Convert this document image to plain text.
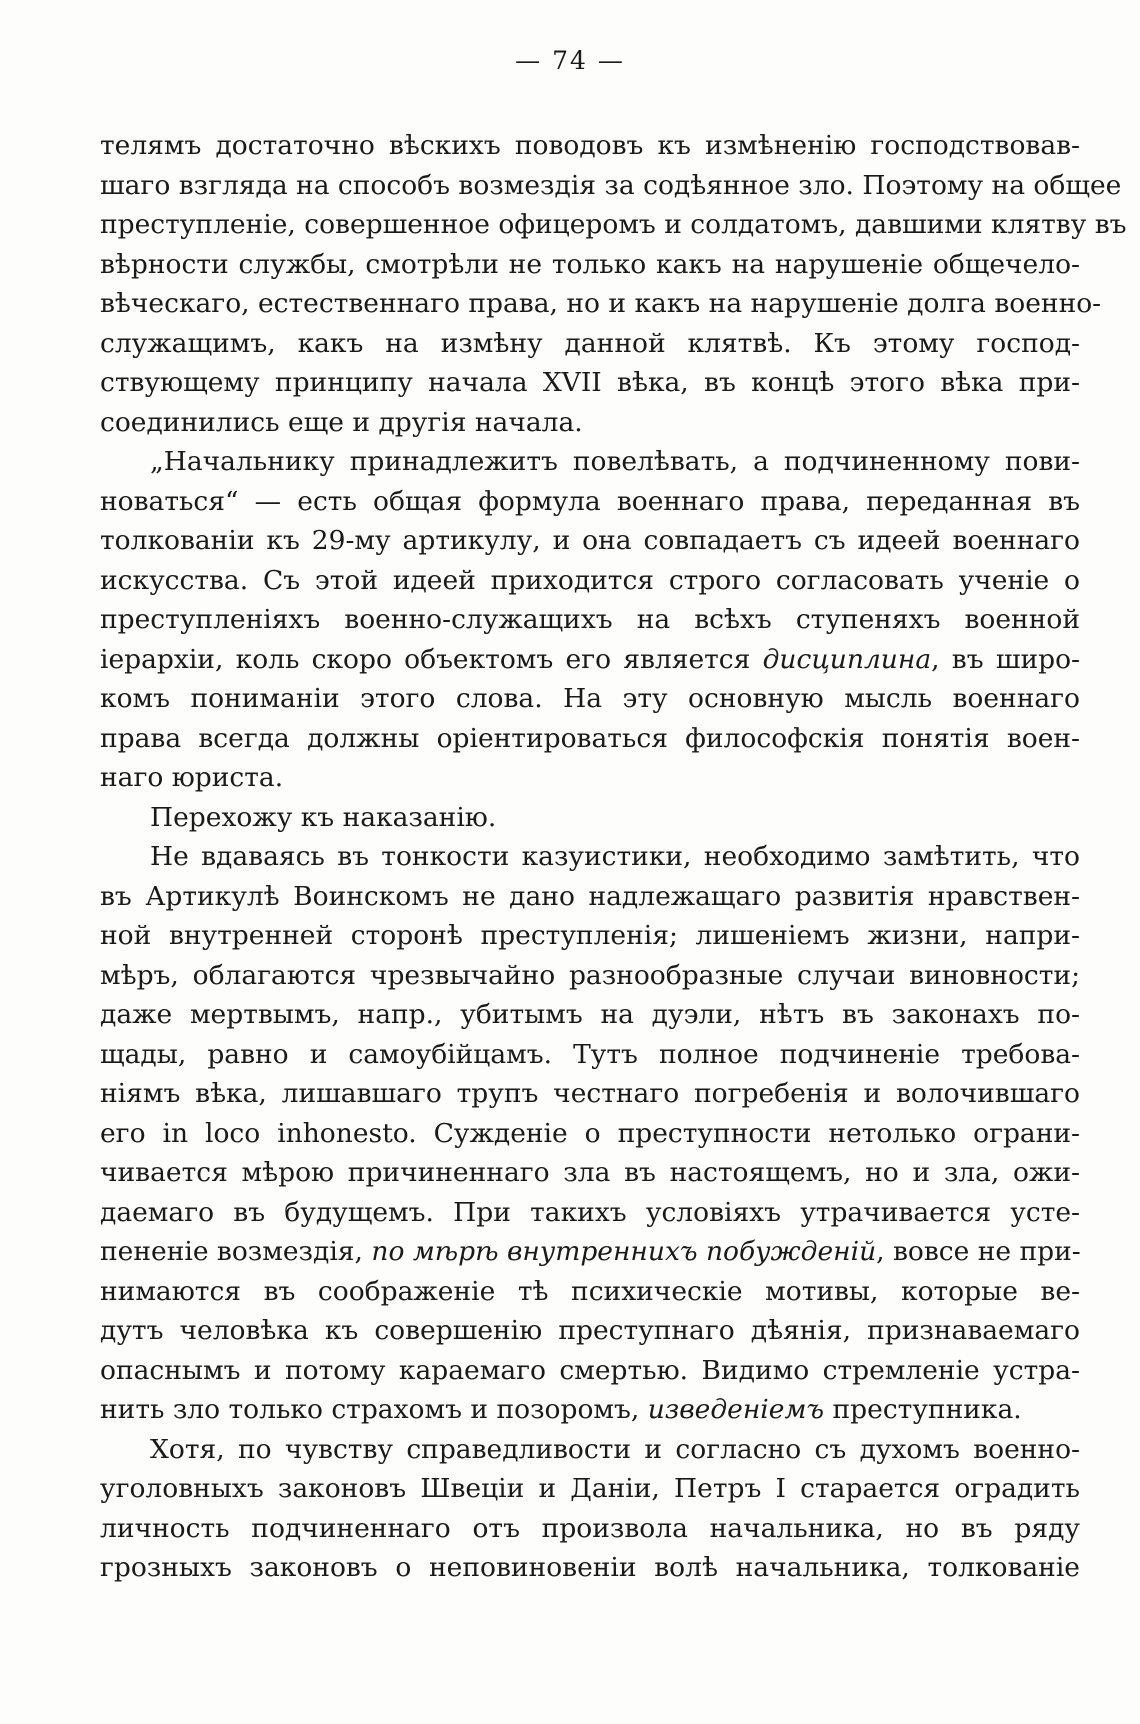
— 74 —
телямъ достаточно вѣскихъ поводовъ къ измѣненію господствовав-
шаго взгляда на способъ возмездія за содѣянное зло. Поэтому на общее
преступленіе, совершенное офицеромъ и солдатомъ, давшими клятву въ
вѣрности службы, смотрѣли не только какъ на нарушеніе общечело-
вѣческаго, естественнаго права, но и какъ на нарушеніе долга военно-
служащимъ, какъ на измѣну данной клятвѣ. Къ этому господ-
ствующему принципу начала XVII вѣка, въ концѣ этого вѣка при-
соединились еще и другія начала.
„Начальнику принадлежитъ повелѣвать, а подчиненному пови-
новаться“ — есть общая формула военнаго права, переданная въ
толкованіи къ 29-му артикулу, и она совпадаетъ съ идеей военнаго
искусства. Съ этой идеей приходится строго согласовать ученіе о
преступленіяхъ военно-служащихъ на всѣхъ ступеняхъ военной
іерархіи, коль скоро объектомъ его является дисциплина, въ широ-
комъ пониманіи этого слова. На эту основную мысль военнаго
права всегда должны оріентироваться философскія понятія воен-
наго юриста.
Перехожу къ наказанію.
Не вдаваясь въ тонкости казуистики, необходимо замѣтить, что
въ Артикулѣ Воинскомъ не дано надлежащаго развитія нравствен-
ной внутренней сторонѣ преступленія; лишеніемъ жизни, напри-
мѣръ, облагаются чрезвычайно разнообразные случаи виновности;
даже мертвымъ, напр., убитымъ на дуэли, нѣтъ въ законахъ по-
щады, равно и самоубійцамъ. Тутъ полное подчиненіе требова-
ніямъ вѣка, лишавшаго трупъ честнаго погребенія и волочившаго
его in loco inhonesto. Сужденіе о преступности нетолько ограни-
чивается мѣрою причиненнаго зла въ настоящемъ, но и зла, ожи-
даемаго въ будущемъ. При такихъ условіяхъ утрачивается усте-
пененіе возмездія, по мѣрѣ внутреннихъ побужденій, вовсе не при-
нимаются въ соображеніе тѣ психическіе мотивы, которые ве-
дутъ человѣка къ совершенію преступнаго дѣянія, признаваемаго
опаснымъ и потому караемаго смертью. Видимо стремленіе устра-
нить зло только страхомъ и позоромъ, изведеніемъ преступника.
Хотя, по чувству справедливости и согласно съ духомъ военно-
уголовныхъ законовъ Швеціи и Даніи, Петръ I старается оградить
личность подчиненнаго отъ произвола начальника, но въ ряду
грозныхъ законовъ о неповиновеніи волѣ начальника, толкованіе
